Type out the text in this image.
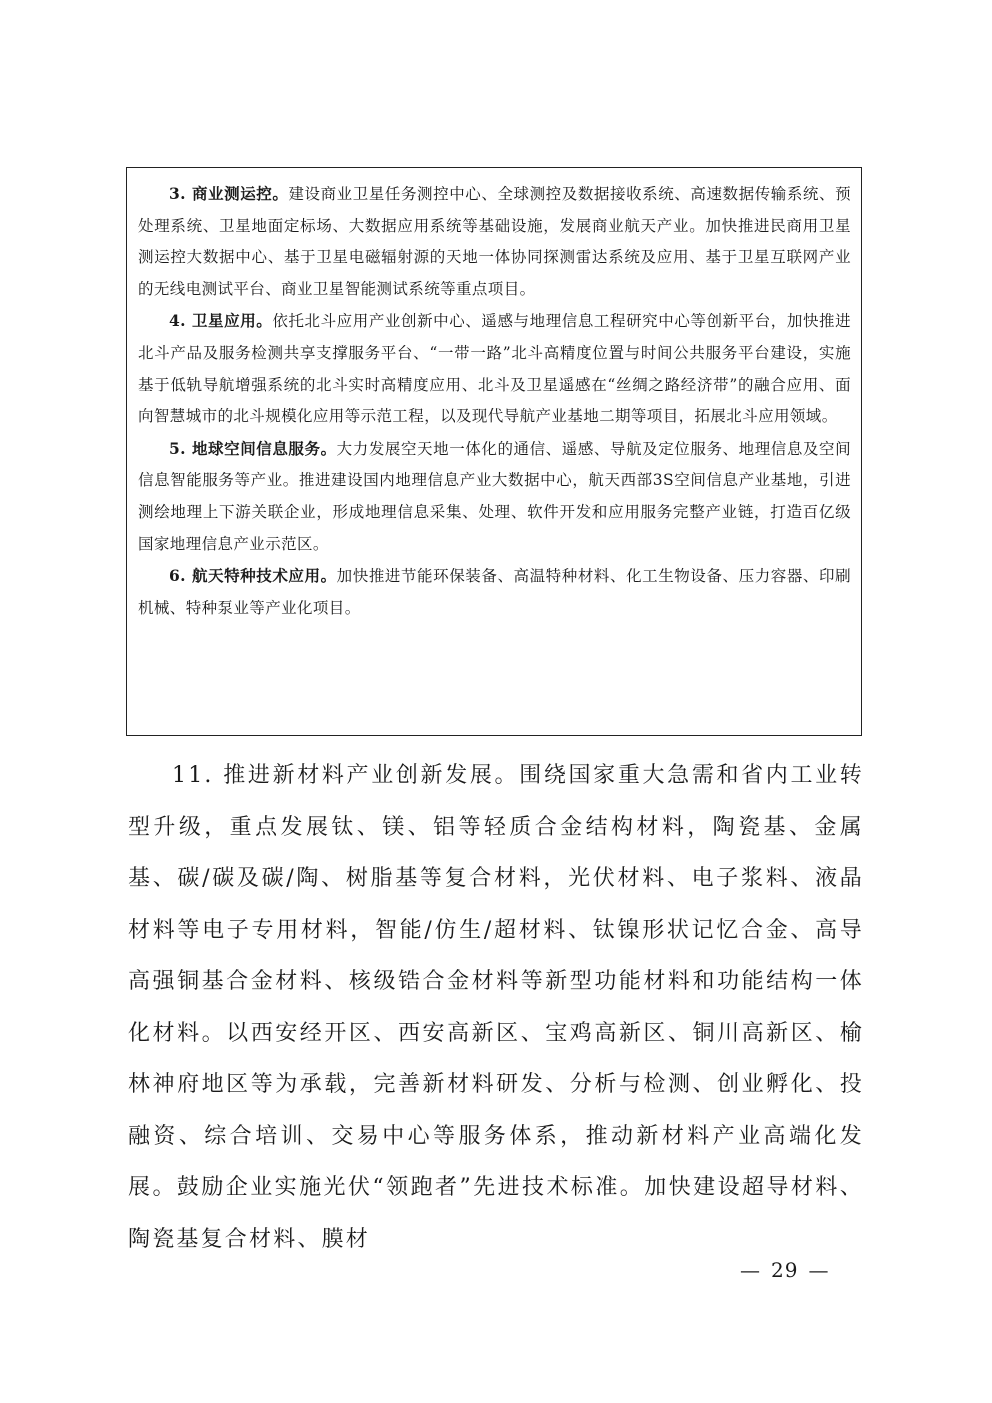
3. 商业测运控。建设商业卫星任务测控中心、全球测控及数据接收系统、高速数据传输系统、预处理系统、卫星地面定标场、大数据应用系统等基础设施，发展商业航天产业。加快推进民商用卫星测运控大数据中心、基于卫星电磁辐射源的天地一体协同探测雷达系统及应用、基于卫星互联网产业的无线电测试平台、商业卫星智能测试系统等重点项目。

4. 卫星应用。依托北斗应用产业创新中心、遥感与地理信息工程研究中心等创新平台，加快推进北斗产品及服务检测共享支撑服务平台、“一带一路”北斗高精度位置与时间公共服务平台建设，实施基于低轨导航增强系统的北斗实时高精度应用、北斗及卫星遥感在“丝绸之路经济带”的融合应用、面向智慧城市的北斗规模化应用等示范工程，以及现代导航产业基地二期等项目，拓展北斗应用领域。

5. 地球空间信息服务。大力发展空天地一体化的通信、遥感、导航及定位服务、地理信息及空间信息智能服务等产业。推进建设国内地理信息产业大数据中心，航天西部3S空间信息产业基地，引进测绘地理上下游关联企业，形成地理信息采集、处理、软件开发和应用服务完整产业链，打造百亿级国家地理信息产业示范区。

6. 航天特种技术应用。加快推进节能环保装备、高温特种材料、化工生物设备、压力容器、印刷机械、特种泵业等产业化项目。

11. 推进新材料产业创新发展。围绕国家重大急需和省内工业转型升级，重点发展钛、镁、铝等轻质合金结构材料，陶瓷基、金属基、碳/碳及碳/陶、树脂基等复合材料，光伏材料、电子浆料、液晶材料等电子专用材料，智能/仿生/超材料、钛镍形状记忆合金、高导高强铜基合金材料、核级锆合金材料等新型功能材料和功能结构一体化材料。以西安经开区、西安高新区、宝鸡高新区、铜川高新区、榆林神府地区等为承载，完善新材料研发、分析与检测、创业孵化、投融资、综合培训、交易中心等服务体系，推动新材料产业高端化发展。鼓励企业实施光伏“领跑者”先进技术标准。加快建设超导材料、陶瓷基复合材料、膜材

— 29 —
